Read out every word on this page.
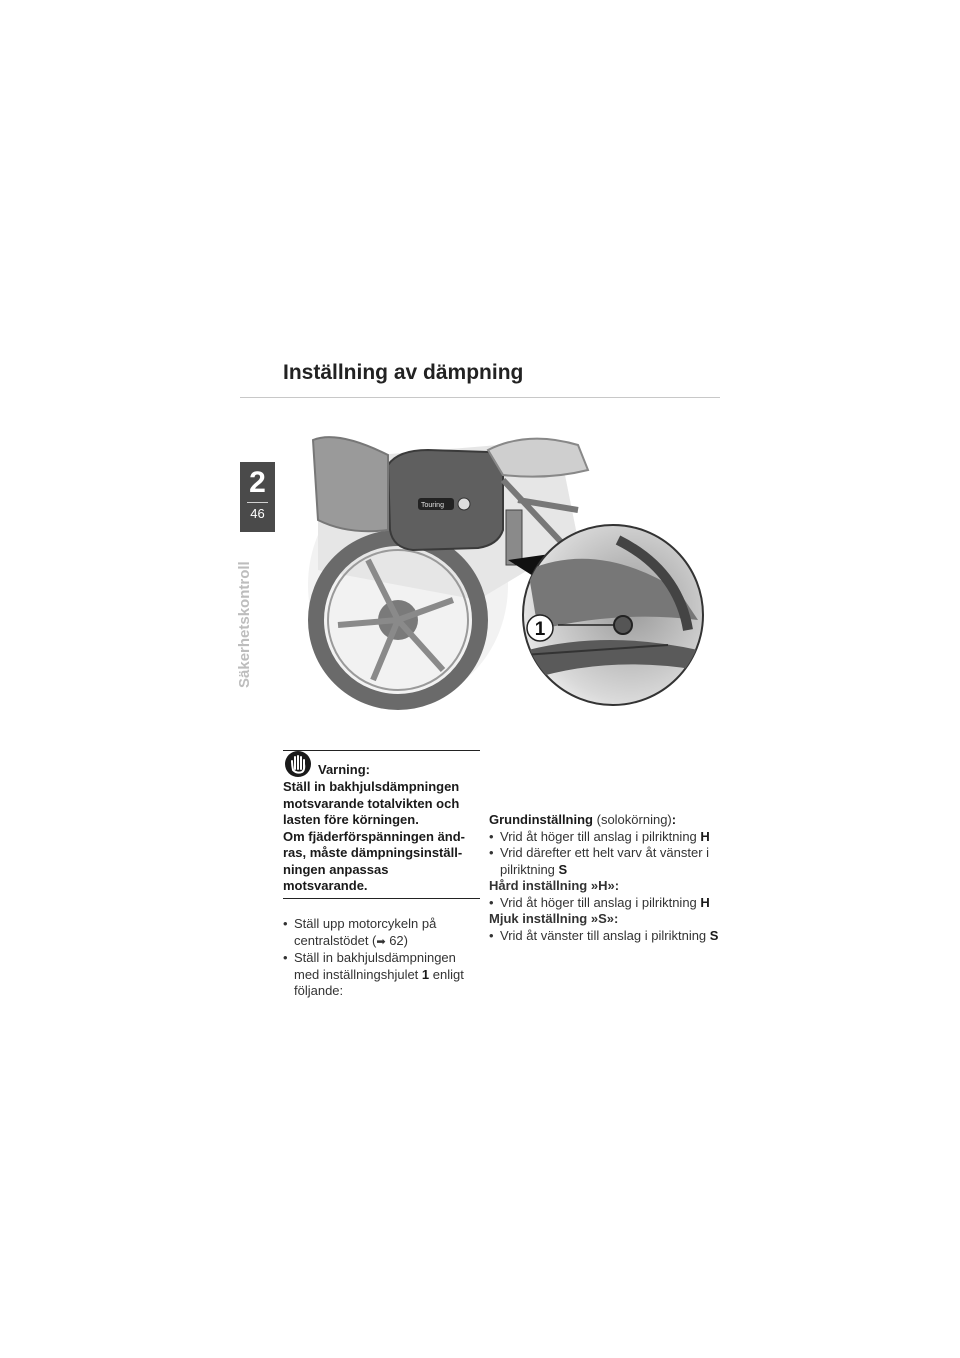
2
46
Säkerhetskontroll
Inställning av dämpning
Touring
1
Varning:
Ställ in bakhjulsdämpningen
motsvarande totalvikten och
lasten före körningen.
Om fjäderförspänningen änd-
ras, måste dämpningsinställ-
ningen anpassas
motsvarande.
• Ställ upp motorcykeln på centralstödet (➡ 62)
• Ställ in bakhjulsdämpningen med inställningshjulet 1 enligt följande:

Grundinställning (solokörning):

• Vrid åt höger till anslag i pilriktning H
• Vrid därefter ett helt varv åt vänster i pilriktning S

Hård inställning »H»:

• Vrid åt höger till anslag i pilriktning H

Mjuk inställning »S»:

• Vrid åt vänster till anslag i pilriktning S
